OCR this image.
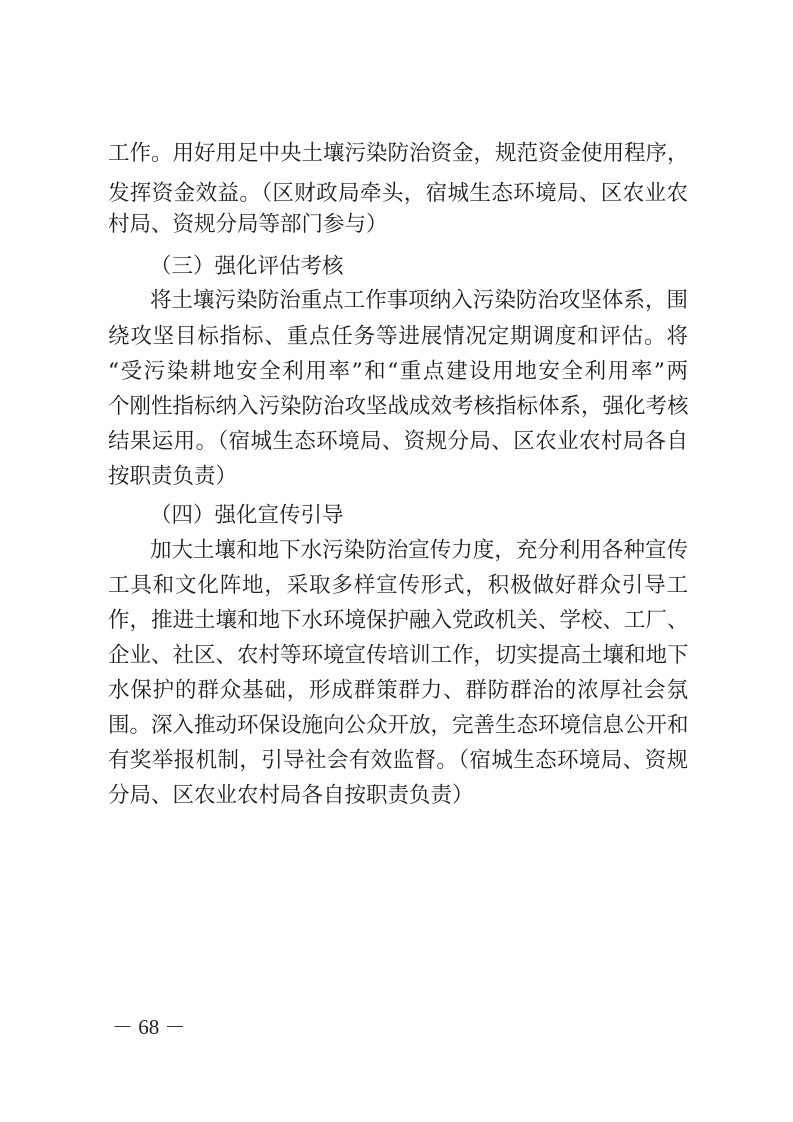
工作。用好用足中央土壤污染防治资金，规范资金使用程序，
发挥资金效益。（区财政局牵头，宿城生态环境局、区农业农
村局、资规分局等部门参与）
（三）强化评估考核
将土壤污染防治重点工作事项纳入污染防治攻坚体系，围
绕攻坚目标指标、重点任务等进展情况定期调度和评估。将
“受污染耕地安全利用率”和“重点建设用地安全利用率”两
个刚性指标纳入污染防治攻坚战成效考核指标体系，强化考核
结果运用。（宿城生态环境局、资规分局、区农业农村局各自
按职责负责）
（四）强化宣传引导
加大土壤和地下水污染防治宣传力度，充分利用各种宣传
工具和文化阵地，采取多样宣传形式，积极做好群众引导工
作，推进土壤和地下水环境保护融入党政机关、学校、工厂、
企业、社区、农村等环境宣传培训工作，切实提高土壤和地下
水保护的群众基础，形成群策群力、群防群治的浓厚社会氛
围。深入推动环保设施向公众开放，完善生态环境信息公开和
有奖举报机制，引导社会有效监督。（宿城生态环境局、资规
分局、区农业农村局各自按职责负责）
－ 68 －
